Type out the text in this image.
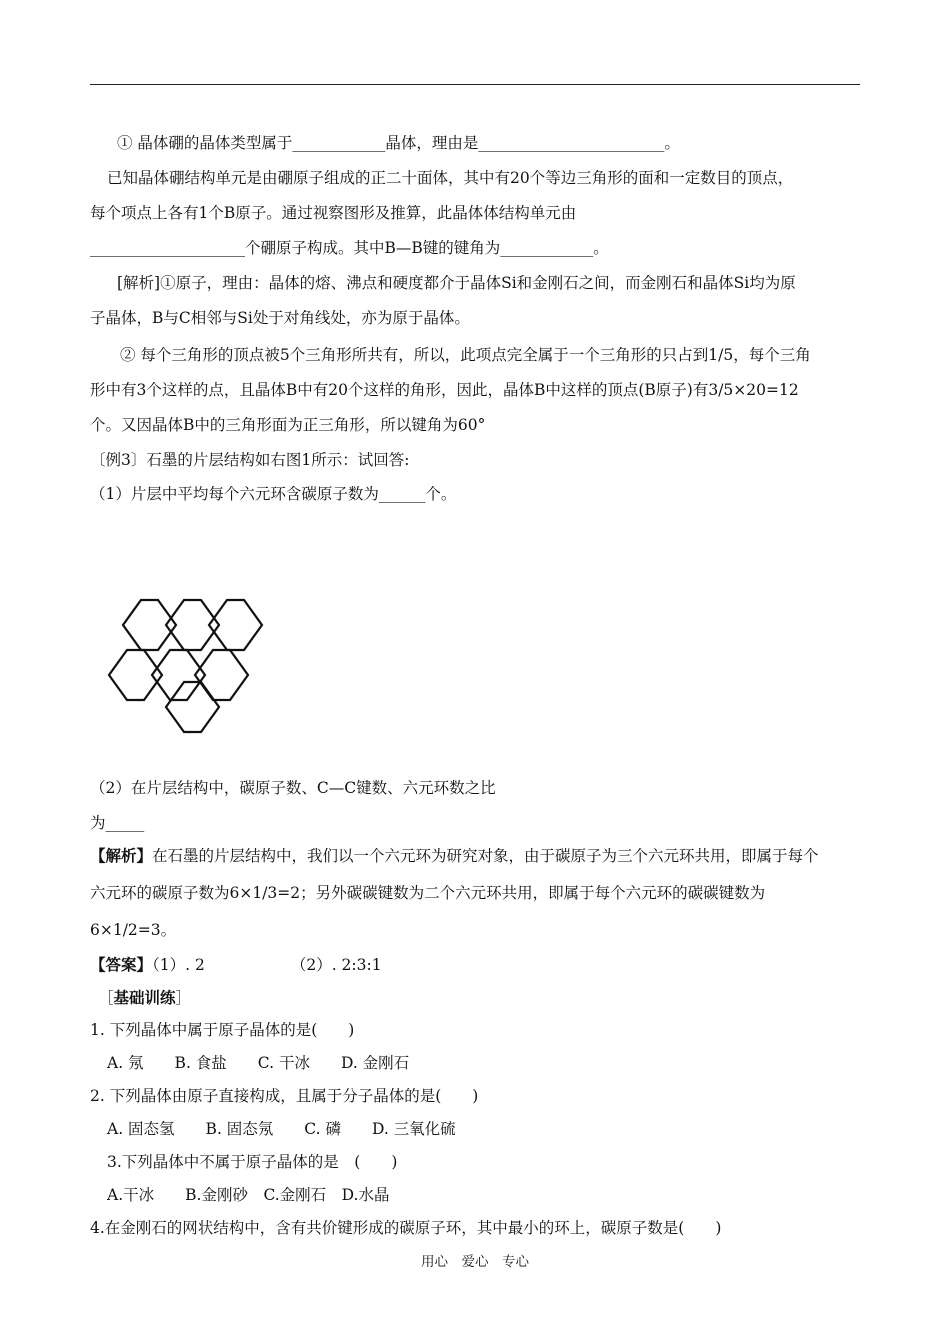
① 晶体硼的晶体类型属于____________晶体，理由是________________________。
已知晶体硼结构单元是由硼原子组成的正二十面体，其中有20个等边三角形的面和一定数目的顶点，
每个项点上各有1个B原子。通过视察图形及推算，此晶体体结构单元由
____________________个硼原子构成。其中B—B键的键角为____________。
[解析]①原子，理由：晶体的熔、沸点和硬度都介于晶体Si和金刚石之间，而金刚石和晶体Si均为原
子晶体，B与C相邻与Si处于对角线处，亦为原于晶体。
② 每个三角形的顶点被5个三角形所共有，所以，此项点完全属于一个三角形的只占到1/5，每个三角
形中有3个这样的点，且晶体B中有20个这样的角形，因此，晶体B中这样的顶点(B原子)有3/5×20=12
个。又因晶体B中的三角形面为正三角形，所以键角为60°
〔例3〕石墨的片层结构如右图1所示：试回答:
（1）片层中平均每个六元环含碳原子数为______个。
（2）在片层结构中，碳原子数、C—C键数、六元环数之比
为_____
【解析】在石墨的片层结构中，我们以一个六元环为研究对象，由于碳原子为三个六元环共用，即属于每个
六元环的碳原子数为6×1/3=2；另外碳碳键数为二个六元环共用，即属于每个六元环的碳碳键数为
6×1/2=3。
【答案】（1）. 2	（2）. 2:3:1
［基础训练］
1. 下列晶体中属于原子晶体的是(　　)
A. 氖　　B. 食盐　　C. 干冰　　D. 金刚石
2. 下列晶体由原子直接构成，且属于分子晶体的是(　　)
A. 固态氢　　B. 固态氖　　C. 磷　　D. 三氧化硫
3.下列晶体中不属于原子晶体的是　(　　)
A.干冰　　B.金刚砂　C.金刚石　D.水晶
4.在金刚石的网状结构中，含有共价键形成的碳原子环，其中最小的环上，碳原子数是(　　)
用心　爱心　专心
